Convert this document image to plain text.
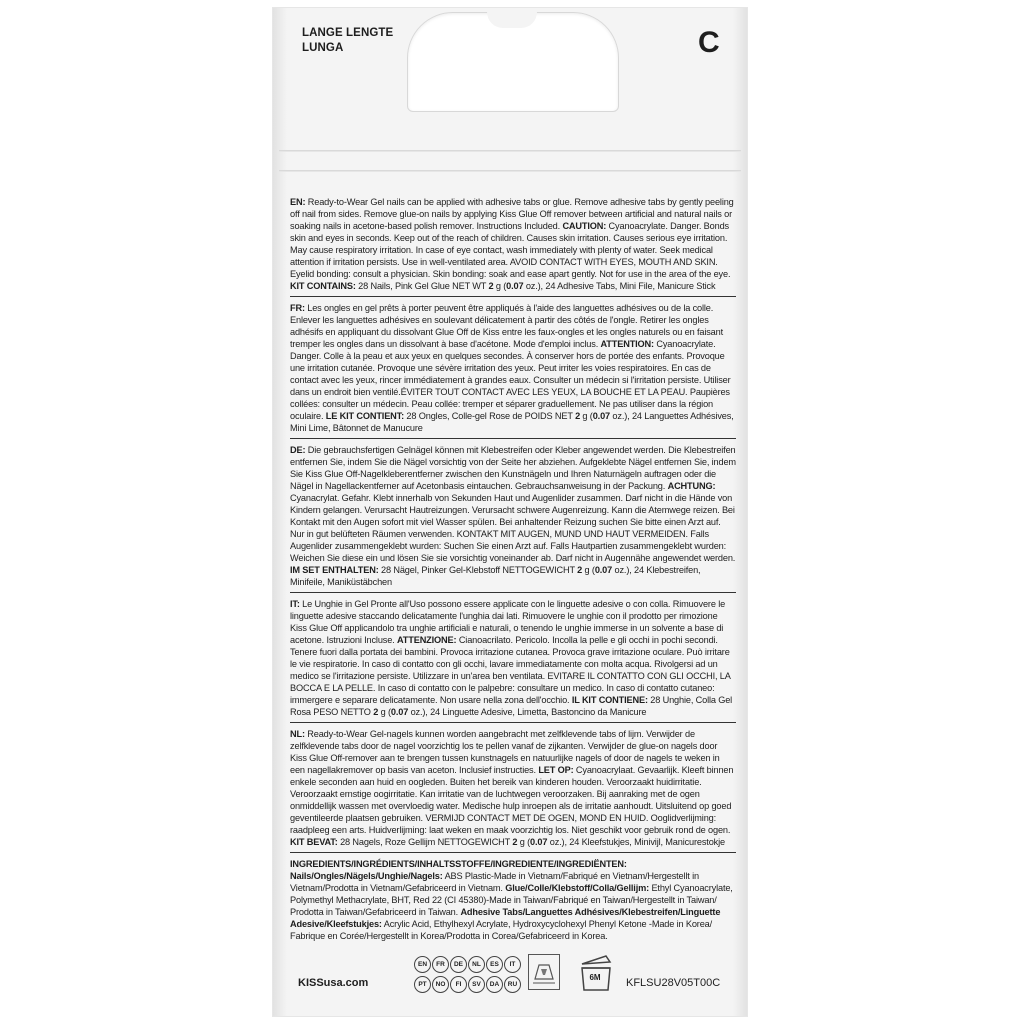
LANGE LENGTE
LUNGA	C

EN: Ready-to-Wear Gel nails can be applied with adhesive tabs or glue. Remove adhesive tabs by gently peeling off nail from sides. Remove glue-on nails by applying Kiss Glue Off remover between artificial and natural nails or soaking nails in acetone-based polish remover. Instructions Included. CAUTION: Cyanoacrylate. Danger. Bonds skin and eyes in seconds. Keep out of the reach of children. Causes skin irritation. Causes serious eye irritation. May cause respiratory irritation. In case of eye contact, wash immediately with plenty of water. Seek medical attention if irritation persists. Use in well-ventilated area. AVOID CONTACT WITH EYES, MOUTH AND SKIN. Eyelid bonding: consult a physician. Skin bonding: soak and ease apart gently. Not for use in the area of the eye. KIT CONTAINS: 28 Nails, Pink Gel Glue NET WT 2 g (0.07 oz.), 24 Adhesive Tabs, Mini File, Manicure Stick

FR: Les ongles en gel prêts à porter peuvent être appliqués à l'aide des languettes adhésives ou de la colle. Enlever les languettes adhésives en soulevant délicatement à partir des côtés de l'ongle. Retirer les ongles adhésifs en appliquant du dissolvant Glue Off de Kiss entre les faux-ongles et les ongles naturels ou en faisant tremper les ongles dans un dissolvant à base d'acétone. Mode d'emploi inclus. ATTENTION: Cyanoacrylate. Danger. Colle à la peau et aux yeux en quelques secondes. À conserver hors de portée des enfants. Provoque une irritation cutanée. Provoque une sévère irritation des yeux. Peut irriter les voies respiratoires. En cas de contact avec les yeux, rincer immédiatement à grandes eaux. Consulter un médecin si l'irritation persiste. Utiliser dans un endroit bien ventilé.ÉVITER TOUT CONTACT AVEC LES YEUX, LA BOUCHE ET LA PEAU. Paupières collées: consulter un médecin. Peau collée: tremper et séparer graduellement. Ne pas utiliser dans la région oculaire. LE KIT CONTIENT: 28 Ongles, Colle-gel Rose de POIDS NET 2 g (0.07 oz.), 24 Languettes Adhésives, Mini Lime, Bâtonnet de Manucure

DE: Die gebrauchsfertigen Gelnägel können mit Klebestreifen oder Kleber angewendet werden. Die Klebestreifen entfernen Sie, indem Sie die Nägel vorsichtig von der Seite her abziehen. Aufgeklebte Nägel entfernen Sie, indem Sie Kiss Glue Off-Nagelkleberentferner zwischen den Kunstnägeln und Ihren Naturnägeln auftragen oder die Nägel in Nagellackentferner auf Acetonbasis eintauchen. Gebrauchsanweisung in der Packung. ACHTUNG: Cyanacrylat. Gefahr. Klebt innerhalb von Sekunden Haut und Augenlider zusammen. Darf nicht in die Hände von Kindern gelangen. Verursacht Hautreizungen. Verursacht schwere Augenreizung. Kann die Atemwege reizen. Bei Kontakt mit den Augen sofort mit viel Wasser spülen. Bei anhaltender Reizung suchen Sie bitte einen Arzt auf. Nur in gut belüfteten Räumen verwenden. KONTAKT MIT AUGEN, MUND UND HAUT VERMEIDEN. Falls Augenlider zusammengeklebt wurden: Suchen Sie einen Arzt auf. Falls Hautpartien zusammengeklebt wurden: Weichen Sie diese ein und lösen Sie sie vorsichtig voneinander ab. Darf nicht in Augennähe angewendet werden. IM SET ENTHALTEN: 28 Nägel, Pinker Gel-Klebstoff NETTOGEWICHT 2 g (0.07 oz.), 24 Klebestreifen, Minifeile, Maniküstäbchen

IT: Le Unghie in Gel Pronte all'Uso possono essere applicate con le linguette adesive o con colla. Rimuovere le linguette adesive staccando delicatamente l'unghia dai lati. Rimuovere le unghie con il prodotto per rimozione Kiss Glue Off applicandolo tra unghie artificiali e naturali, o tenendo le unghie immerse in un solvente a base di acetone. Istruzioni Incluse. ATTENZIONE: Cianoacrilato. Pericolo. Incolla la pelle e gli occhi in pochi secondi. Tenere fuori dalla portata dei bambini. Provoca irritazione cutanea. Provoca grave irritazione oculare. Può irritare le vie respiratorie. In caso di contatto con gli occhi, lavare immediatamente con molta acqua. Rivolgersi ad un medico se l'irritazione persiste. Utilizzare in un'area ben ventilata. EVITARE IL CONTATTO CON GLI OCCHI, LA BOCCA E LA PELLE. In caso di contatto con le palpebre: consultare un medico. In caso di contatto cutaneo: immergere e separare delicatamente. Non usare nella zona dell'occhio. IL KIT CONTIENE: 28 Unghie, Colla Gel Rosa PESO NETTO 2 g (0.07 oz.), 24 Linguette Adesive, Limetta, Bastoncino da Manicure

NL: Ready-to-Wear Gel-nagels kunnen worden aangebracht met zelfklevende tabs of lijm. Verwijder de zelfklevende tabs door de nagel voorzichtig los te pellen vanaf de zijkanten. Verwijder de glue-on nagels door Kiss Glue Off-remover aan te brengen tussen kunstnagels en natuurlijke nagels of door de nagels te weken in een nagellakremover op basis van aceton. Inclusief instructies. LET OP: Cyanoacrylaat. Gevaarlijk. Kleeft binnen enkele seconden aan huid en oogleden. Buiten het bereik van kinderen houden. Veroorzaakt huidirritatie. Veroorzaakt ernstige oogirritatie. Kan irritatie van de luchtwegen veroorzaken. Bij aanraking met de ogen onmiddellijk wassen met overvloedig water. Medische hulp inroepen als de irritatie aanhoudt. Uitsluitend op goed geventileerde plaatsen gebruiken. VERMIJD CONTACT MET DE OGEN, MOND EN HUID. Ooglidverlijming: raadpleeg een arts. Huidverlijming: laat weken en maak voorzichtig los. Niet geschikt voor gebruik rond de ogen. KIT BEVAT: 28 Nagels, Roze Gellijm NETTOGEWICHT 2 g (0.07 oz.), 24 Kleefstukjes, Minivijl, Manicurestokje

INGREDIENTS/INGRÉDIENTS/INHALTSSTOFFE/INGREDIENTE/INGREDIËNTEN:
Nails/Ongles/Nägels/Unghie/Nagels: ABS Plastic-Made in Vietnam/Fabriqué en Vietnam/Hergestellt in Vietnam/Prodotta in Vietnam/Gefabriceerd in Vietnam. Glue/Colle/Klebstoff/Colla/Gellijm: Ethyl Cyanoacrylate, Polymethyl Methacrylate, BHT, Red 22 (CI 45380)-Made in Taiwan/Fabriqué en Taiwan/Hergestellt in Taiwan/ Prodotta in Taiwan/Gefabriceerd in Taiwan. Adhesive Tabs/Languettes Adhésives/Klebestreifen/Linguette Adesive/Kleefstukjes: Acrylic Acid, Ethylhexyl Acrylate, Hydroxycyclohexyl Phenyl Ketone -Made in Korea/ Fabrique en Corée/Hergestellt in Korea/Prodotta in Corea/Gefabriceerd in Korea.

KISSusa.com
EN	FR	DE	NL	ES	IT
PT	NO	FI	SV	DA	RU
6M	KFLSU28V05T00C
